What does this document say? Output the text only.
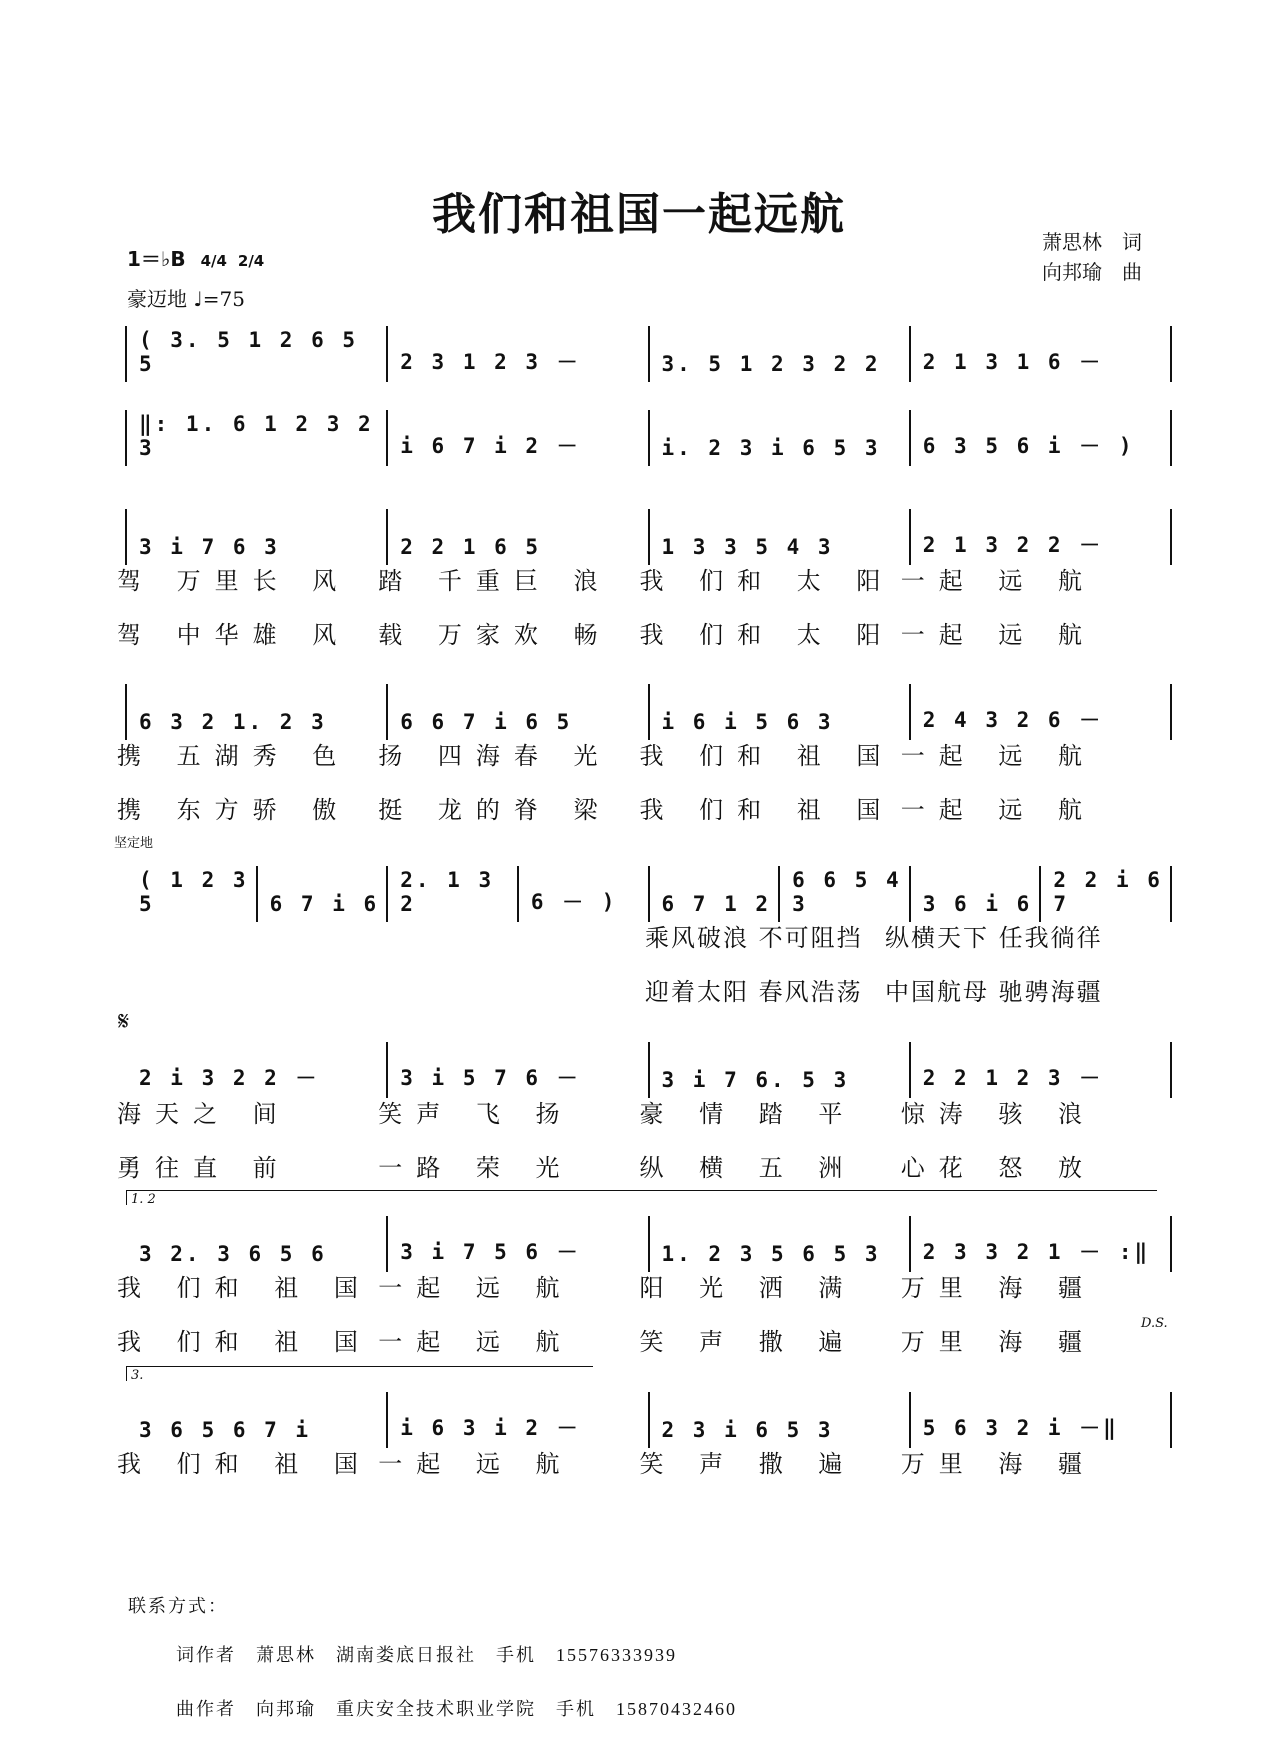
我们和祖国一起远航
1＝♭B 4/4 2/4
豪迈地 ♩=75
萧思林　词
向邦瑜　曲
( 3. 5 1 2 6 5 5	2 3 1 2 3 －	3. 5 1 2 3 2 2	2 1 3 1 6 －
‖: 1. 6 1 2 3 2 3	i 6 7 i 2 －	i. 2 3 i 6 5 3	6 3 5 6 i － )
3 i 7 6 3	2 2 1 6 5	1 3 3 5 4 3	2 1 3 2 2 －
驾 万里长 风 踏 千重巨 浪 我 们和 太 阳 一起 远 航
驾 中华雄 风 载 万家欢 畅 我 们和 太 阳 一起 远 航
6 3 2 1. 2 3	6 6 7 i 6 5	i 6 i 5 6 3	2 4 3 2 6 －
携 五湖秀 色 扬 四海春 光 我 们和 祖 国 一起 远 航
携 东方骄 傲 挺 龙的脊 梁 我 们和 祖 国 一起 远 航
( 1 2 3 5	6 7 i 6
2. 1 3 2	6 － )	6 7 1 2
6 6 5 4 3	3 6 i 6
2 2 i 6 7
乘风破浪 不可阻挡 纵横天下 任我徜徉
迎着太阳 春风浩荡 中国航母 驰骋海疆
2 i 3 2 2 －	3 i 5 7 6 －	3 i 7 6. 5 3	2 2 1 2 3 －
海天之 间	笑声 飞 扬	豪 情 踏 平 惊涛 骇 浪
勇往直 前	一路 荣 光	纵 横 五 洲 心花 怒 放
3 2. 3 6 5 6	3 i 7 5 6 －	1. 2 3 5 6 5 3	2 3 3 2 1 － :‖
我 们和 祖 国 一起 远 航	阳 光 洒 满 万里 海 疆
我 们和 祖 国 一起 远 航	笑 声 撒 遍 万里 海 疆
3 6 5 6 7 i	i 6 3 i 2 －	2 3 i 6 5 3	5 6 3 2 i －‖
我 们和 祖 国 一起 远 航	笑 声 撒 遍 万里 海 疆
坚定地
𝄋
1. 2
3.
D.S.
联系方式：
词作者　萧思林　湖南娄底日报社　手机　15576333939
曲作者　向邦瑜　重庆安全技术职业学院　手机　15870432460
